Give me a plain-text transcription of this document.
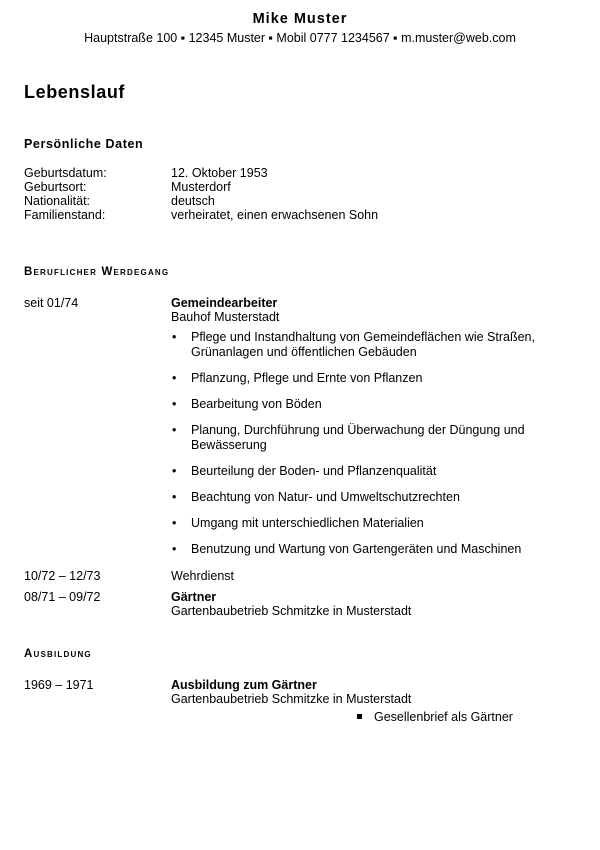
Mike Muster
Hauptstraße 100 ▪ 12345 Muster ▪ Mobil 0777 1234567 ▪ m.muster@web.com
Lebenslauf
Persönliche Daten
Geburtsdatum:	12. Oktober 1953
Geburtsort:	Musterdorf
Nationalität:	deutsch
Familienstand:	verheiratet, einen erwachsenen Sohn
Beruflicher Werdegang
seit 01/74	Gemeindearbeiter
Bauhof Musterstadt
• Pflege und Instandhaltung von Gemeindeflächen wie Straßen, Grünanlagen und öffentlichen Gebäuden
• Pflanzung, Pflege und Ernte von Pflanzen
• Bearbeitung von Böden
• Planung, Durchführung und Überwachung der Düngung und Bewässerung
• Beurteilung der Boden- und Pflanzenqualität
• Beachtung von Natur- und Umweltschutzrechten
• Umgang mit unterschiedlichen Materialien
• Benutzung und Wartung von Gartengeräten und Maschinen
10/72 – 12/73	Wehrdienst
08/71 – 09/72	Gärtner
Gartenbaubetrieb Schmitzke in Musterstadt
Ausbildung
1969 – 1971	Ausbildung zum Gärtner
Gartenbaubetrieb Schmitzke in Musterstadt
Gesellenbrief als Gärtner
